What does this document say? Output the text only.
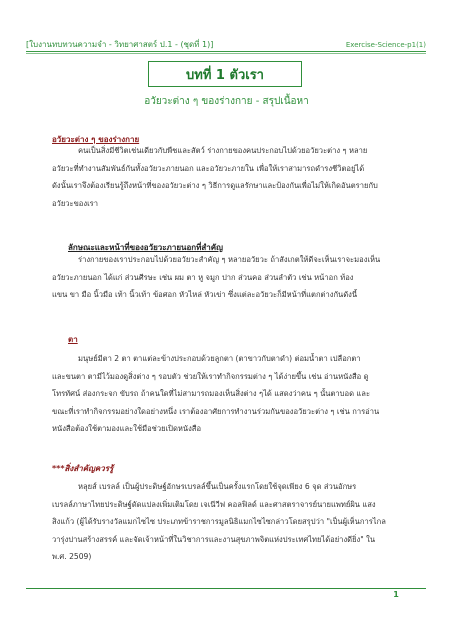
[ใบงานทบทวนความจำ - วิทยาศาสตร์ ป.1 - (ชุดที่ 1)]	Exercise-Science-p1(1)
บทที่ 1 ตัวเรา
อวัยวะต่าง ๆ ของร่างกาย - สรุปเนื้อหา
อวัยวะต่าง ๆ ของร่างกาย

คนเป็นสิ่งมีชีวิตเช่นเดียวกับพืชและสัตว์ ร่างกายของคนประกอบไปด้วยอวัยวะต่าง ๆ หลาย

อวัยวะที่ทำงานสัมพันธ์กันทั้งอวัยวะภายนอก และอวัยวะภายใน เพื่อให้เราสามารถดำรงชีวิตอยู่ได้

ดังนั้นเราจึงต้องเรียนรู้ถึงหน้าที่ของอวัยวะต่าง ๆ วิธีการดูแลรักษาและป้องกันเพื่อไม่ให้เกิดอันตรายกับ

อวัยวะของเรา

ลักษณะและหน้าที่ของอวัยวะภายนอกที่สำคัญ

ร่างกายของเราประกอบไปด้วยอวัยวะสำคัญ ๆ หลายอวัยวะ ถ้าสังเกตให้ดีจะเห็นเราจะมองเห็น

อวัยวะภายนอก ได้แก่ ส่วนศีรษะ เช่น ผม ตา หู จมูก ปาก ส่วนคอ ส่วนลำตัว เช่น หน้าอก ท้อง

แขน ขา มือ นิ้วมือ เท้า นิ้วเท้า ข้อศอก หัวไหล่ หัวเข่า ซึ่งแต่ละอวัยวะก็มีหน้าที่แตกต่างกันดังนี้

ตา

มนุษย์มีตา 2 ตา ตาแต่ละข้างประกอบด้วยลูกตา (ตาขาวกับตาดำ) ต่อมน้ำตา เปลือกตา

และขนตา ตามีไว้มองดูสิ่งต่าง ๆ รอบตัว ช่วยให้เราทำกิจกรรมต่าง ๆ ได้ง่ายขึ้น เช่น อ่านหนังสือ ดู

โทรทัศน์ ส่องกระจก ขับรถ ถ้าคนใดที่ไม่สามารถมองเห็นสิ่งต่าง ๆได้ แสดงว่าคน ๆ นั้นตาบอด และ

ขณะที่เราทำกิจกรรมอย่างใดอย่างหนึ่ง เราต้องอาศัยการทำงานร่วมกันของอวัยวะต่าง ๆ เช่น การอ่าน

หนังสือต้องใช้ตามองและใช้มือช่วยเปิดหนังสือ

***สิ่งสำคัญควรรู้

หลุยส์ เบรลล์ เป็นผู้ประดิษฐ์อักษรเบรลล์ขึ้นเป็นครั้งแรกโดยใช้จุดเพียง 6 จุด ส่วนอักษร

เบรลล์ภาษาไทยประดิษฐ์ดัดแปลงเพิ่มเติมโดย เจเนีวีฟ คอลฟิลด์ และศาสตราจารย์นายแพทย์ผิน แสง

สิงแก้ว (ผู้ได้รับรางวัลแมกไซไซ ประเภทข้าราชการมูลนิธิแมกไซไซกล่าวโดยสรุปว่า "เป็นผู้เห็นการไกล

วารุ่งปานสร้างสรรค์ และจัดเจ้าหน้าที่ในวิชาการและงานสุขภาพจิตแห่งประเทศไทยได้อย่างดียิ่ง" ใน

พ.ศ. 2509)

1
